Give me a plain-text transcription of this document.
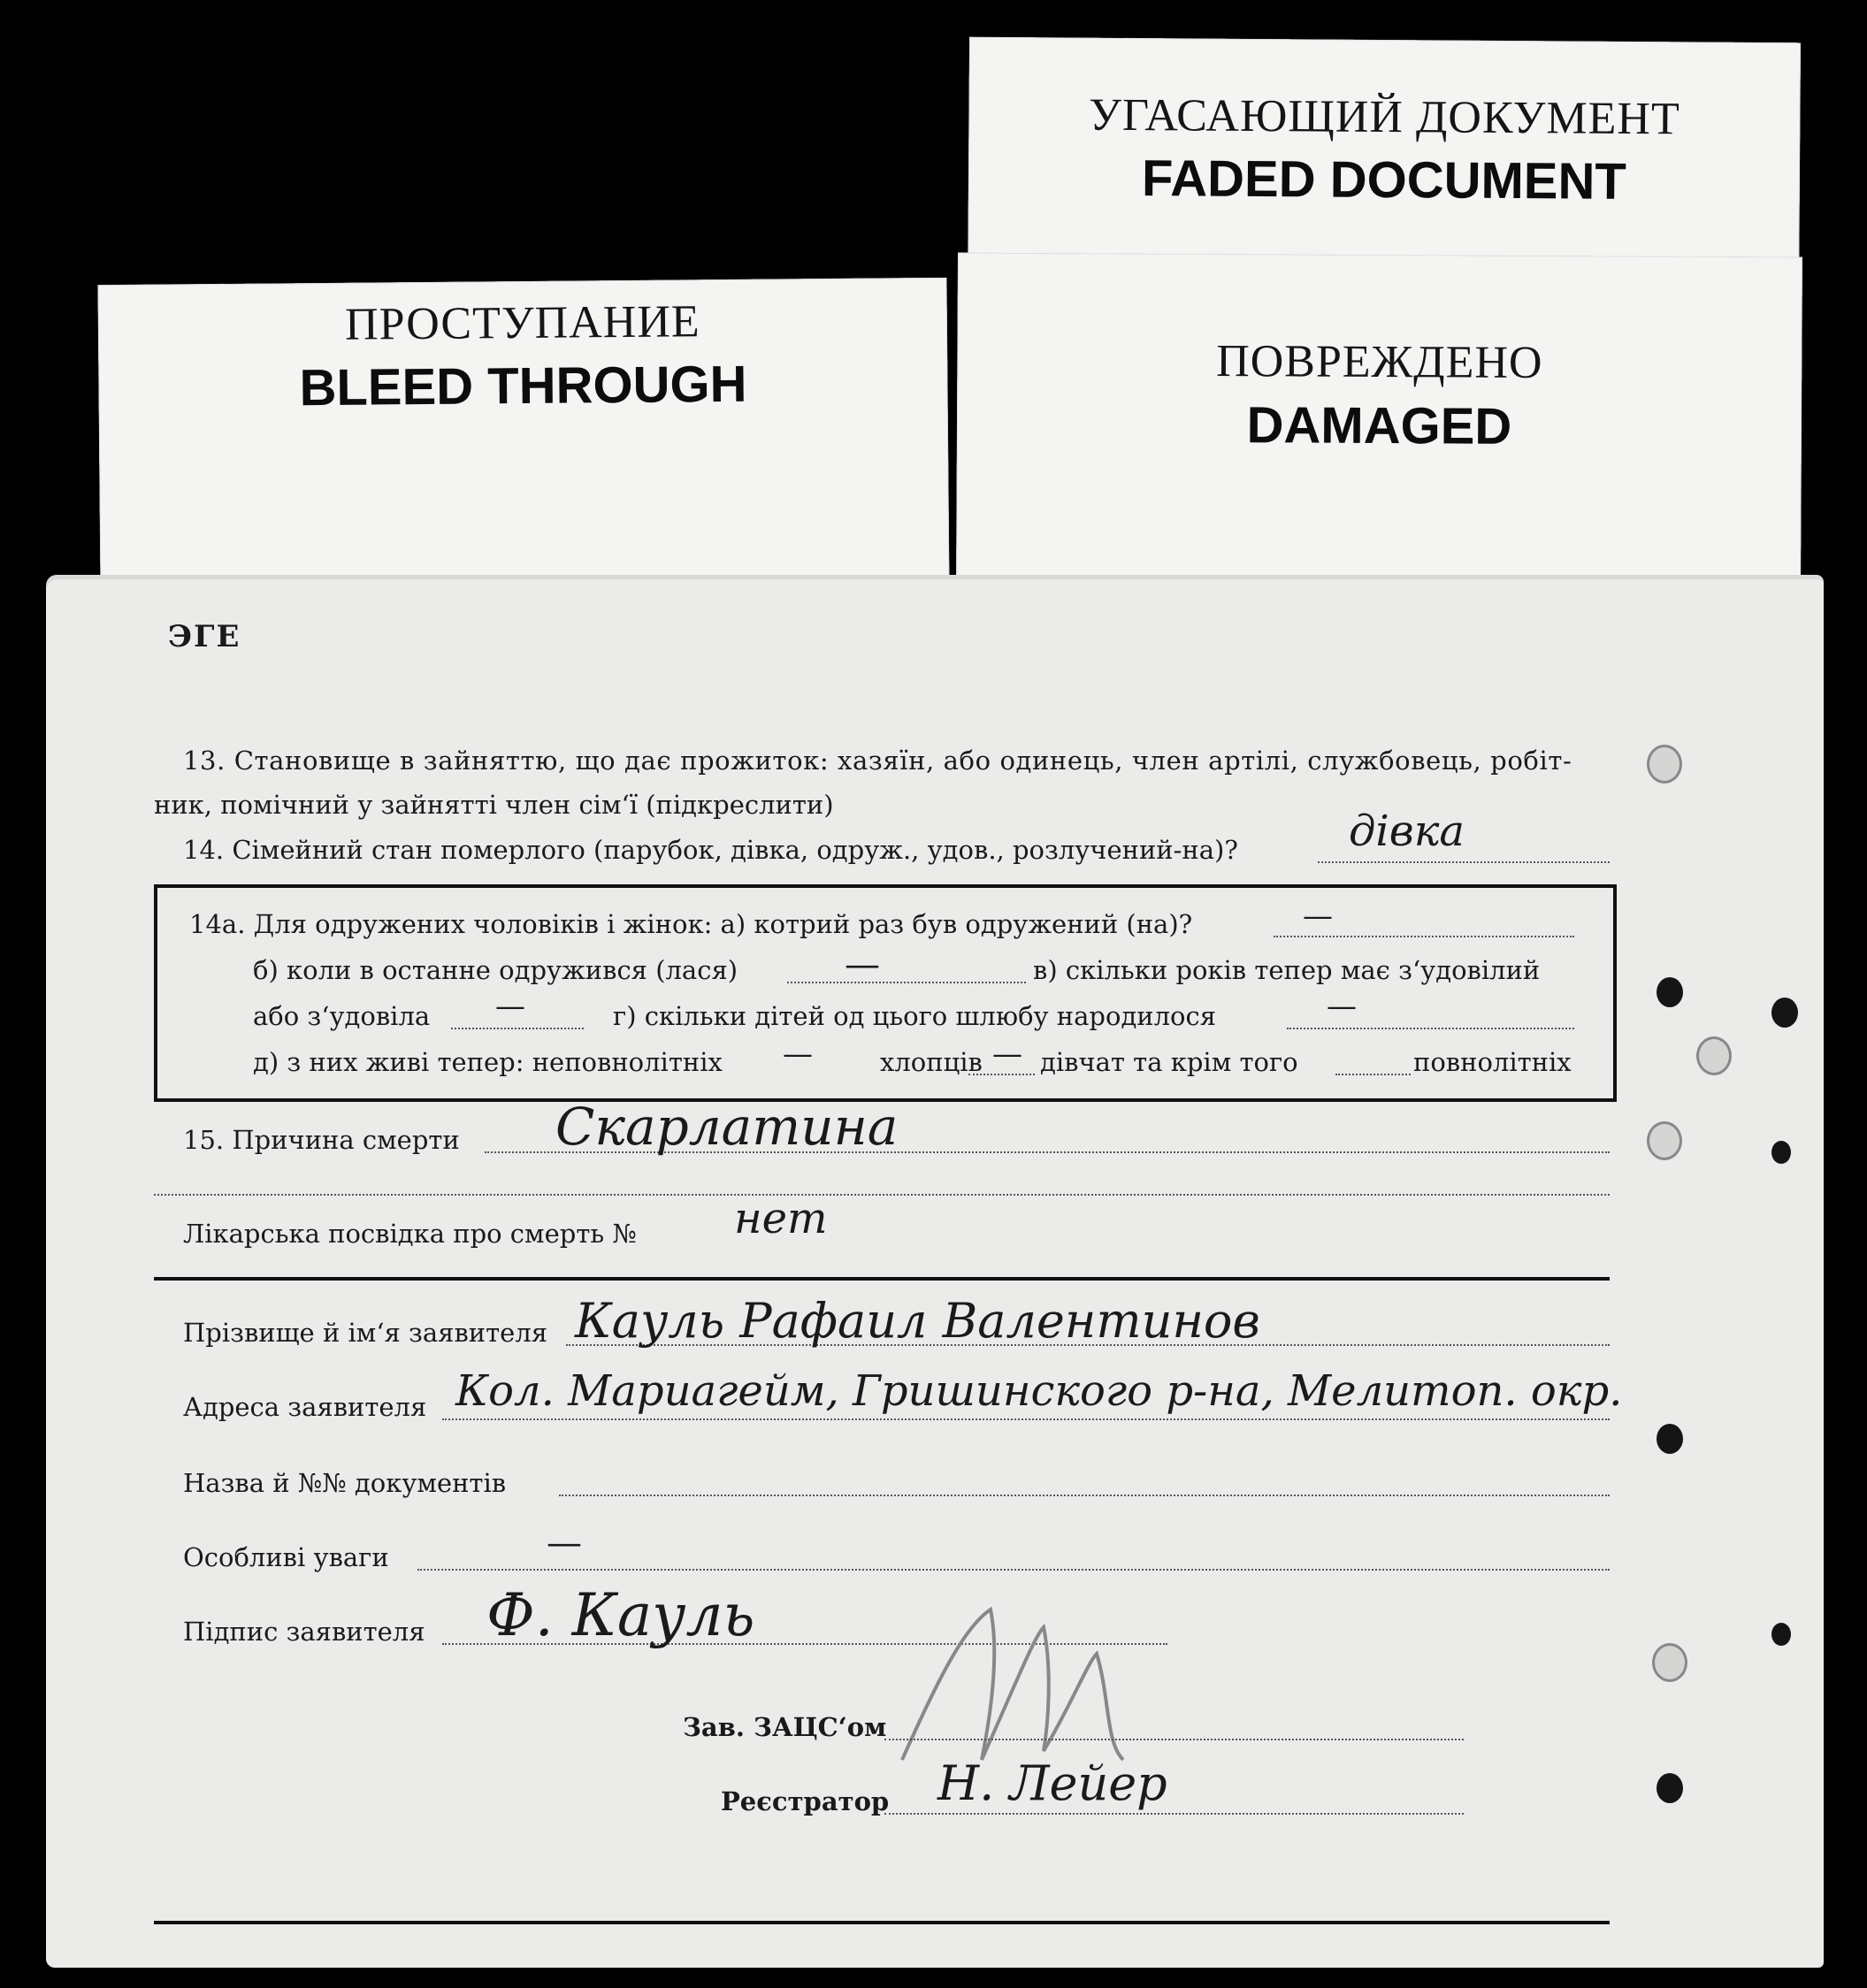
УГАСАЮЩИЙ ДОКУМЕНТ
FADED DOCUMENT
ПРОСТУПАНИЕ
BLEED THROUGH	ПОВРЕЖДЕНО
DAMAGED
ЭГЕ
13. Становище в зайняттю, що дає прожиток: хазяїн, або одинець, член артілі, службовець, робіт-
ник, помічний у зайнятті член сім‘ї (підкреслити)
14. Сімейний стан померлого (парубок, дівка, одруж., удов., розлучений-на)?	дівка
14а. Для одружених чоловіків і жінок: а) котрий раз був одружений (на)?	—
б) коли в останне одружився (лася)	—	в) скільки років тепер має з‘удовілий
або з‘удовіла —	г) скільки дітей од цього шлюбу народилося	—
д) з них живі тепер: неповнолітніх —	хлопців — дівчат та крім того	повнолітніх
15. Причина смерти Скарлатина
Лікарська посвідка про смерть № нет
Прізвище й ім‘я заявителя Кауль Рафаил Валентинов
Адреса заявителя Кол. Мариагейм, Гришинского р-на, Мелитоп. окр.
Назва й №№ документів
Особливі уваги	—
Підпис заявителя Ф. Кауль
Зав. ЗАЦС‘ом
Реєстратор Н. Лейер
